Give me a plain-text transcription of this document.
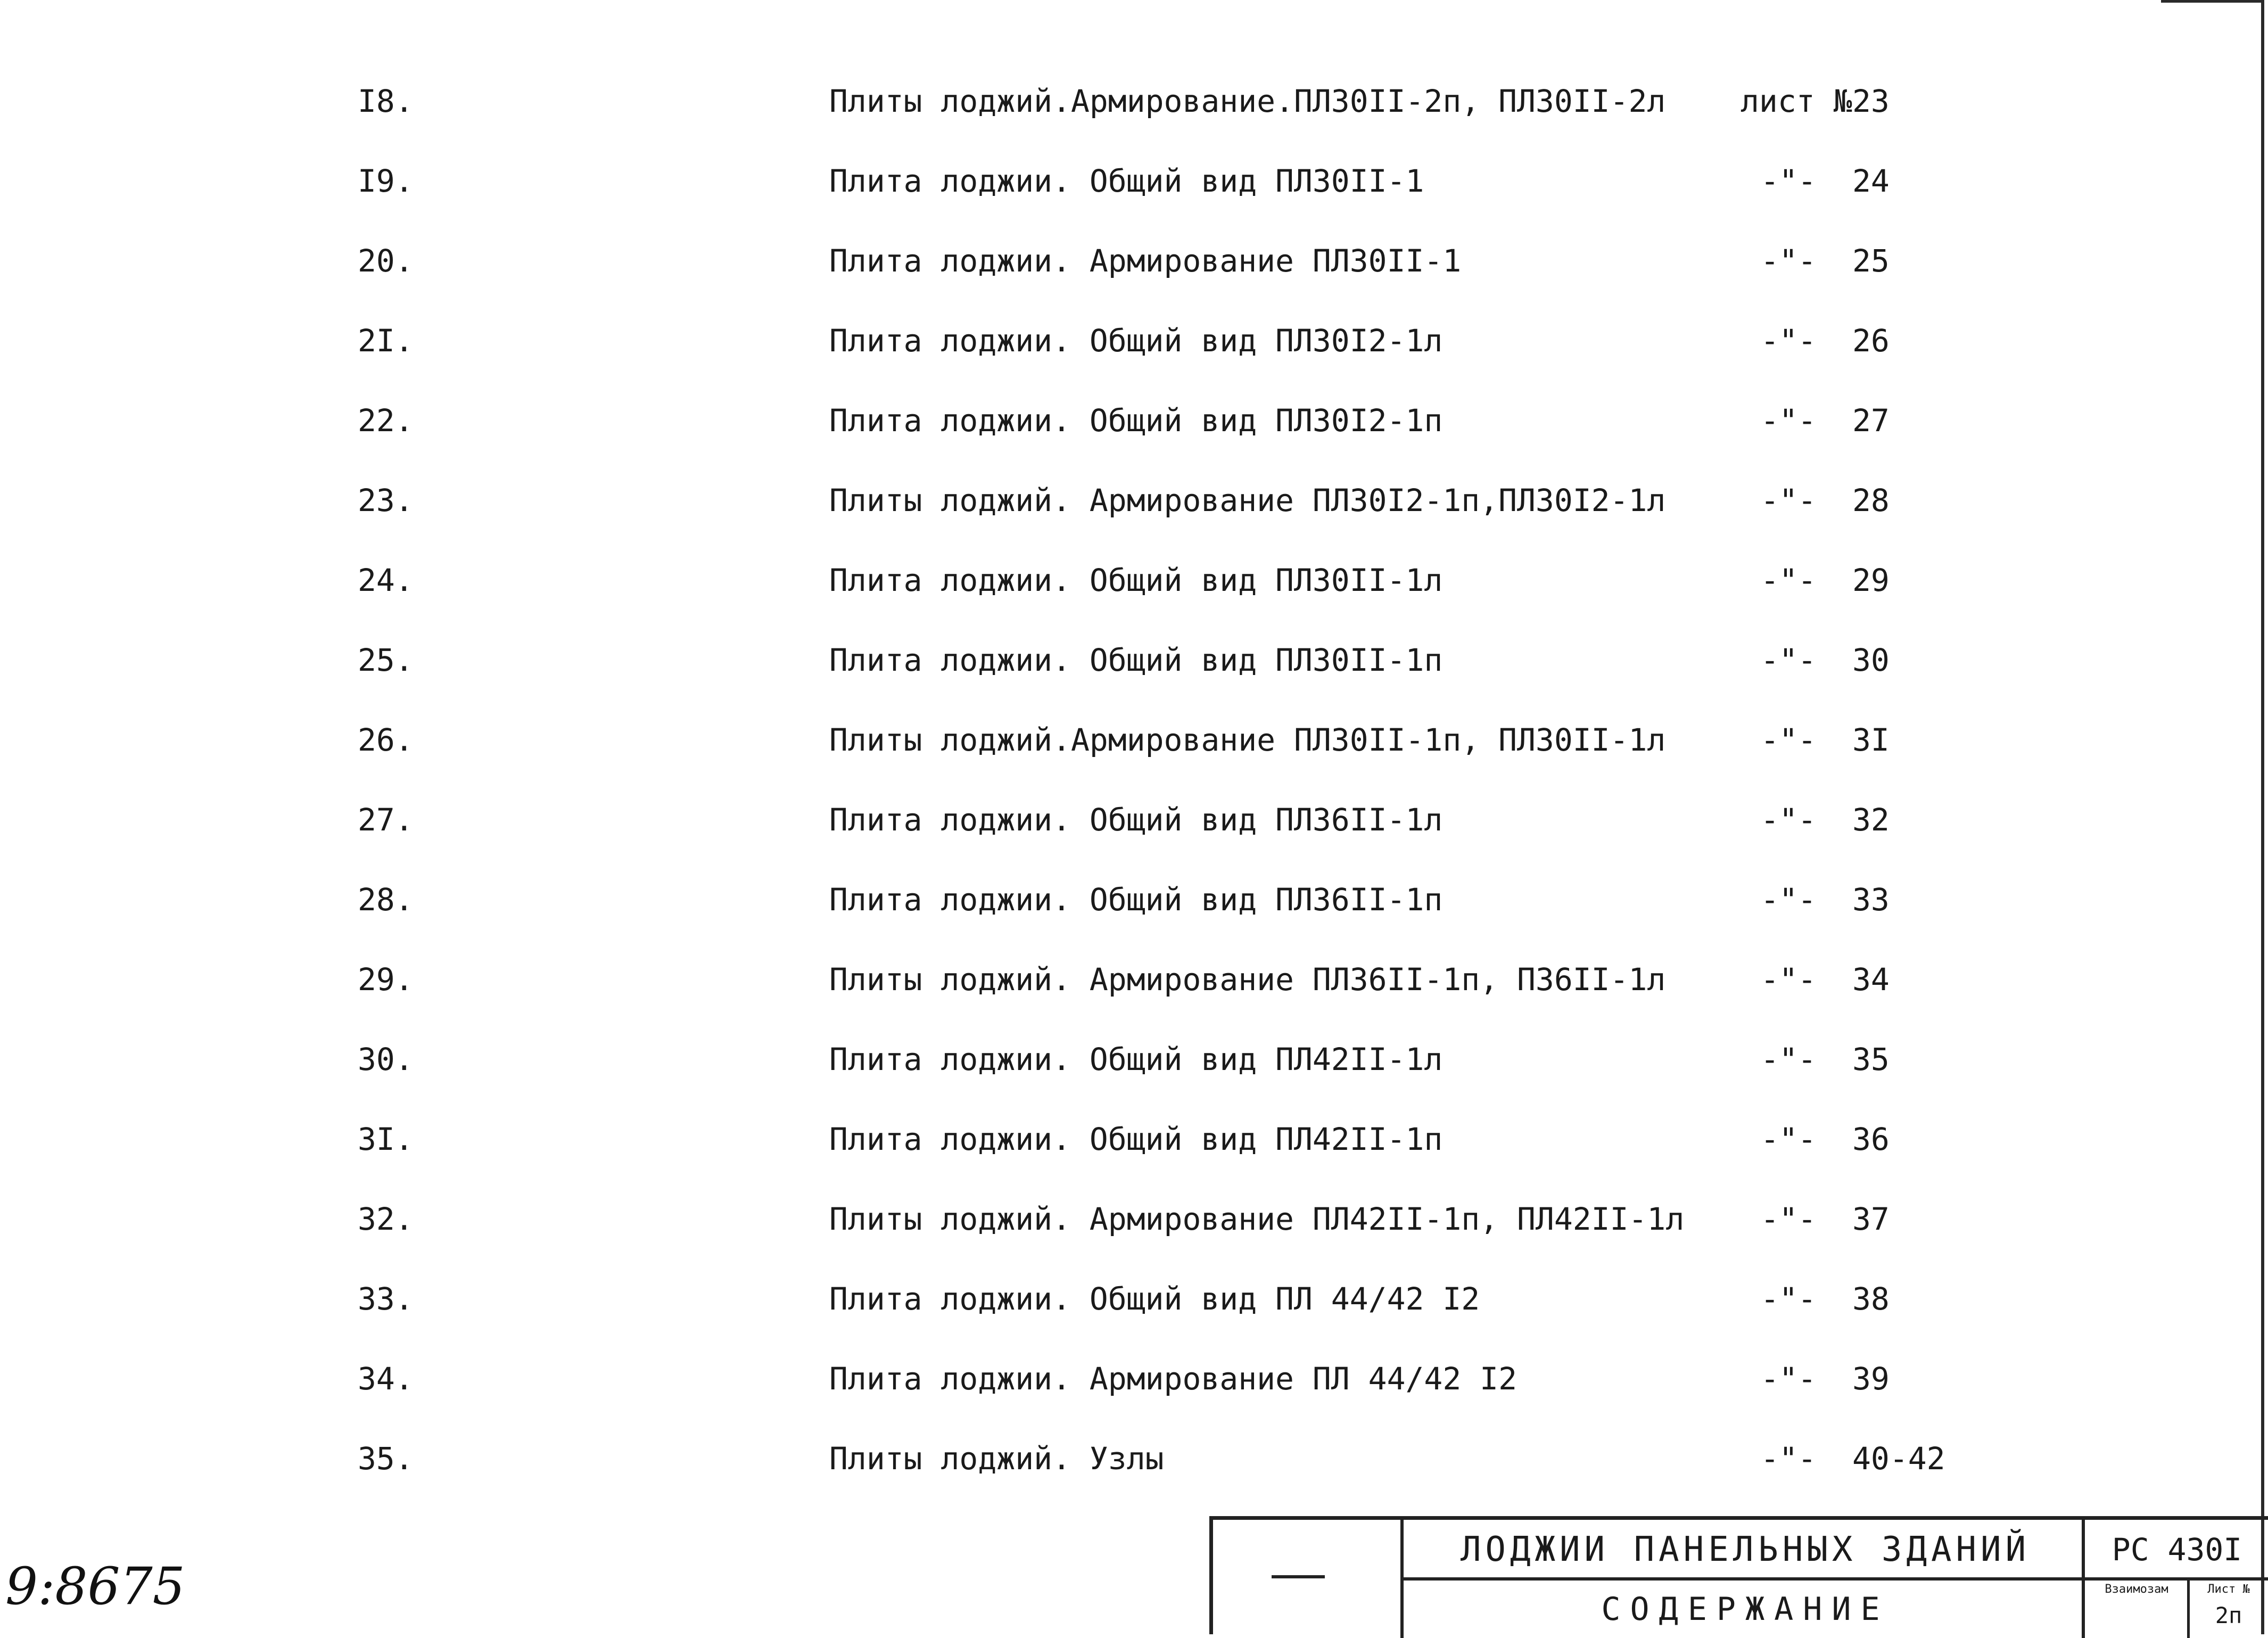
I8.	Плиты лоджий.Армирование.ПЛ30II-2п, ПЛ30II-2л	лист № 23
I9.	Плита лоджии. Общий вид ПЛ30II-1	-"-	24
20.	Плита лоджии. Армирование ПЛ30II-1	-"-	25
2I.	Плита лоджии. Общий вид ПЛ30I2-1л	-"-	26
22.	Плита лоджии. Общий вид ПЛ30I2-1п	-"-	27
23.	Плиты лоджий. Армирование ПЛ30I2-1п,ПЛ30I2-1л	-"-	28
24.	Плита лоджии. Общий вид ПЛ30II-1л	-"-	29
25.	Плита лоджии. Общий вид ПЛ30II-1п	-"-	30
26.	Плиты лоджий.Армирование ПЛ30II-1п, ПЛ30II-1л	-"-	3I
27.	Плита лоджии. Общий вид ПЛ36II-1л	-"-	32
28.	Плита лоджии. Общий вид ПЛ36II-1п	-"-	33
29.	Плиты лоджий. Армирование ПЛ36II-1п, П36II-1л	-"-	34
30.	Плита лоджии. Общий вид ПЛ42II-1л	-"-	35
3I.	Плита лоджии. Общий вид ПЛ42II-1п	-"-	36
32.	Плиты лоджий. Армирование ПЛ42II-1п, ПЛ42II-1л	-"-	37
33.	Плита лоджии. Общий вид ПЛ 44/42 I2	-"-	38
34.	Плита лоджии. Армирование ПЛ 44/42 I2	-"-	39
35.	Плиты лоджий. Узлы	-"-	40-42
9:8675
ЛОДЖИИ ПАНЕЛЬНЫХ ЗДАНИЙ
СОДЕРЖАНИЕ
РС 430I
Взаимозам	Лист №
2п
